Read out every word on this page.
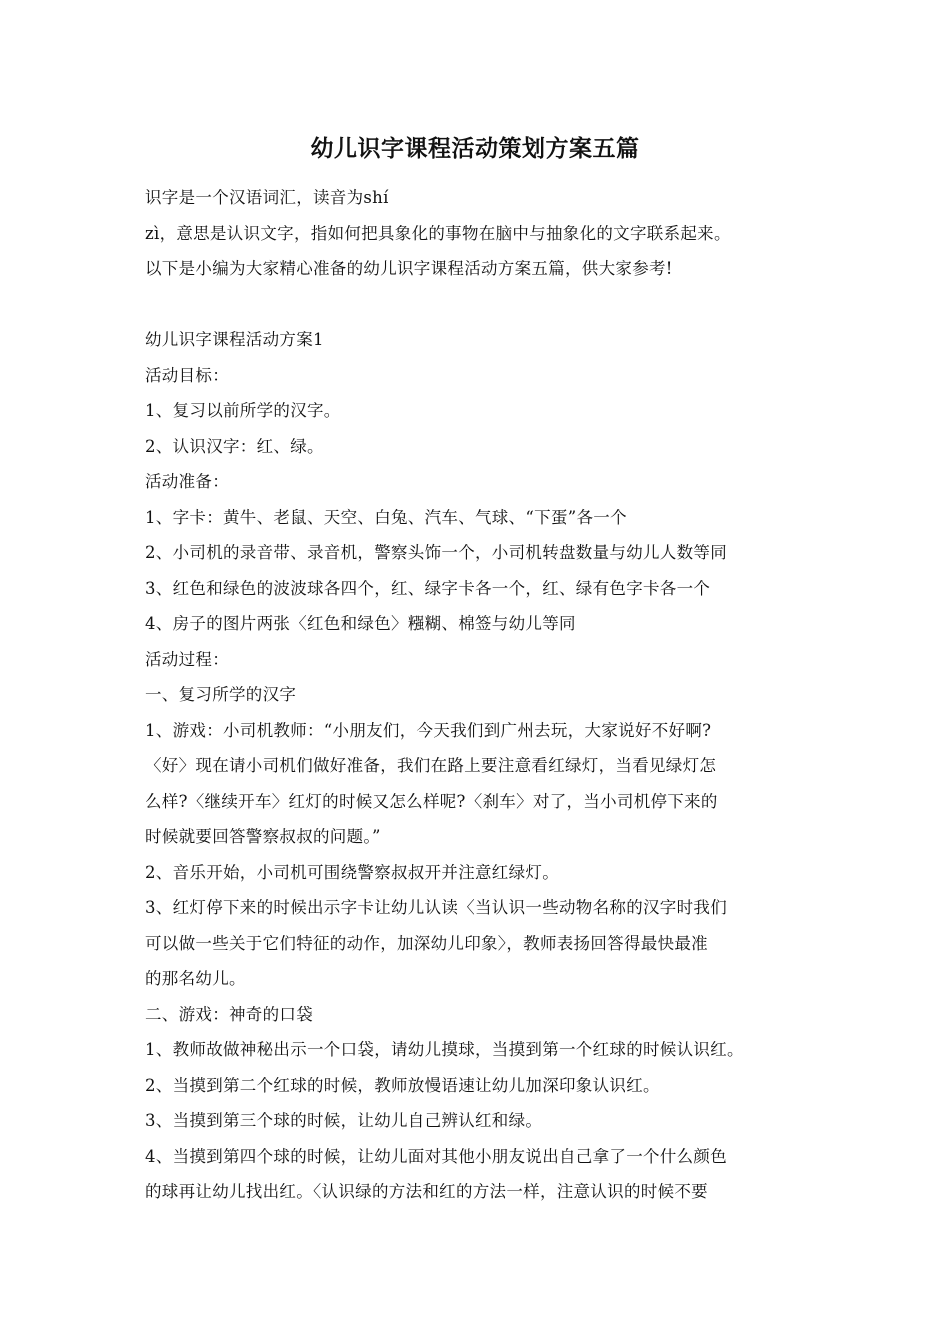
幼儿识字课程活动策划方案五篇
识字是一个汉语词汇，读音为shí
zì，意思是认识文字，指如何把具象化的事物在脑中与抽象化的文字联系起来。
以下是小编为大家精心准备的幼儿识字课程活动方案五篇，供大家参考!
幼儿识字课程活动方案1
活动目标：
1、复习以前所学的汉字。
2、认识汉字：红、绿。
活动准备：
1、字卡：黄牛、老鼠、天空、白兔、汽车、气球、“下蛋”各一个
2、小司机的录音带、录音机，警察头饰一个，小司机转盘数量与幼儿人数等同
3、红色和绿色的波波球各四个，红、绿字卡各一个，红、绿有色字卡各一个
4、房子的图片两张〈红色和绿色〉糨糊、棉签与幼儿等同
活动过程：
一、复习所学的汉字
1、游戏：小司机教师：“小朋友们，今天我们到广州去玩，大家说好不好啊?
〈好〉现在请小司机们做好准备，我们在路上要注意看红绿灯，当看见绿灯怎
么样?〈继续开车〉红灯的时候又怎么样呢?〈刹车〉对了，当小司机停下来的
时候就要回答警察叔叔的问题。”
2、音乐开始，小司机可围绕警察叔叔开并注意红绿灯。
3、红灯停下来的时候出示字卡让幼儿认读〈当认识一些动物名称的汉字时我们
可以做一些关于它们特征的动作，加深幼儿印象〉，教师表扬回答得最快最准
的那名幼儿。
二、游戏：神奇的口袋
1、教师故做神秘出示一个口袋，请幼儿摸球，当摸到第一个红球的时候认识红。
2、当摸到第二个红球的时候，教师放慢语速让幼儿加深印象认识红。
3、当摸到第三个球的时候，让幼儿自己辨认红和绿。
4、当摸到第四个球的时候，让幼儿面对其他小朋友说出自己拿了一个什么颜色
的球再让幼儿找出红。〈认识绿的方法和红的方法一样，注意认识的时候不要
